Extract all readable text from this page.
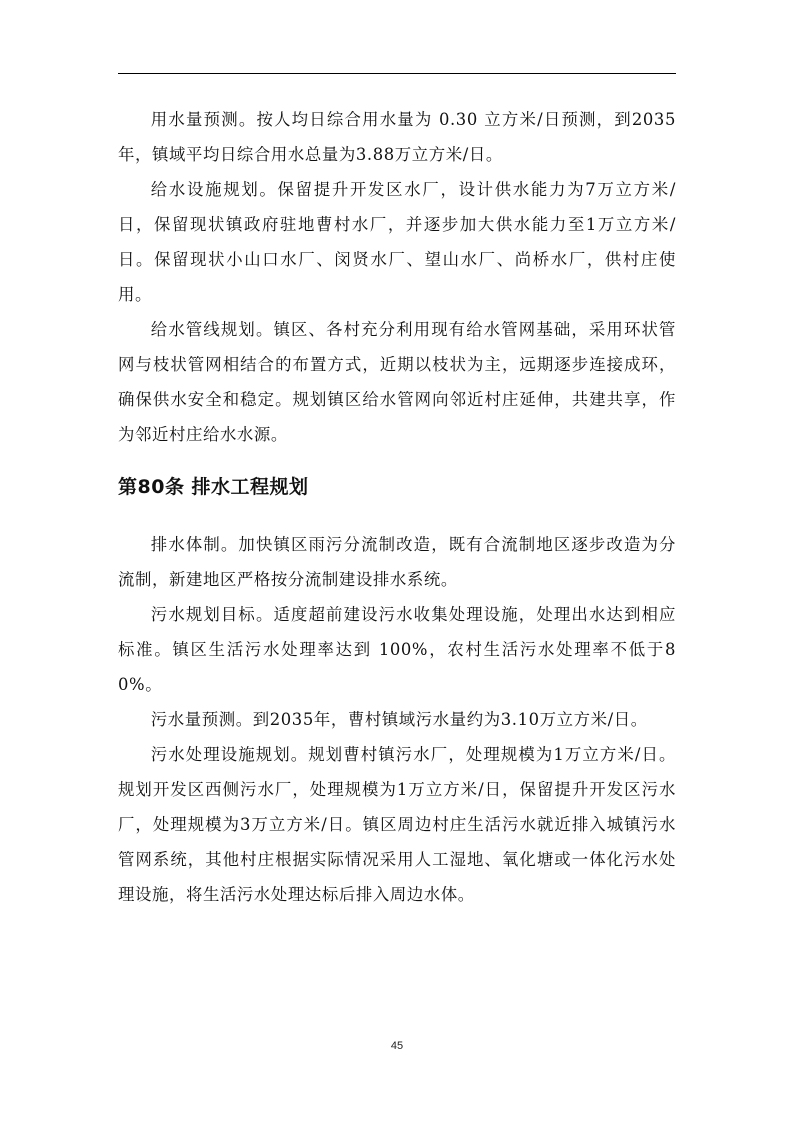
用水量预测。按人均日综合用水量为 0.30 立方米/日预测，到2035年，镇域平均日综合用水总量为3.88万立方米/日。

给水设施规划。保留提升开发区水厂，设计供水能力为7万立方米/日，保留现状镇政府驻地曹村水厂，并逐步加大供水能力至1万立方米/日。保留现状小山口水厂、闵贤水厂、望山水厂、尚桥水厂，供村庄使用。

给水管线规划。镇区、各村充分利用现有给水管网基础，采用环状管网与枝状管网相结合的布置方式，近期以枝状为主，远期逐步连接成环，确保供水安全和稳定。规划镇区给水管网向邻近村庄延伸，共建共享，作为邻近村庄给水水源。

第80条 排水工程规划

排水体制。加快镇区雨污分流制改造，既有合流制地区逐步改造为分流制，新建地区严格按分流制建设排水系统。

污水规划目标。适度超前建设污水收集处理设施，处理出水达到相应标准。镇区生活污水处理率达到 100%，农村生活污水处理率不低于80%。

污水量预测。到2035年，曹村镇域污水量约为3.10万立方米/日。

污水处理设施规划。规划曹村镇污水厂，处理规模为1万立方米/日。规划开发区西侧污水厂，处理规模为1万立方米/日，保留提升开发区污水厂，处理规模为3万立方米/日。镇区周边村庄生活污水就近排入城镇污水管网系统，其他村庄根据实际情况采用人工湿地、氧化塘或一体化污水处理设施，将生活污水处理达标后排入周边水体。

45
